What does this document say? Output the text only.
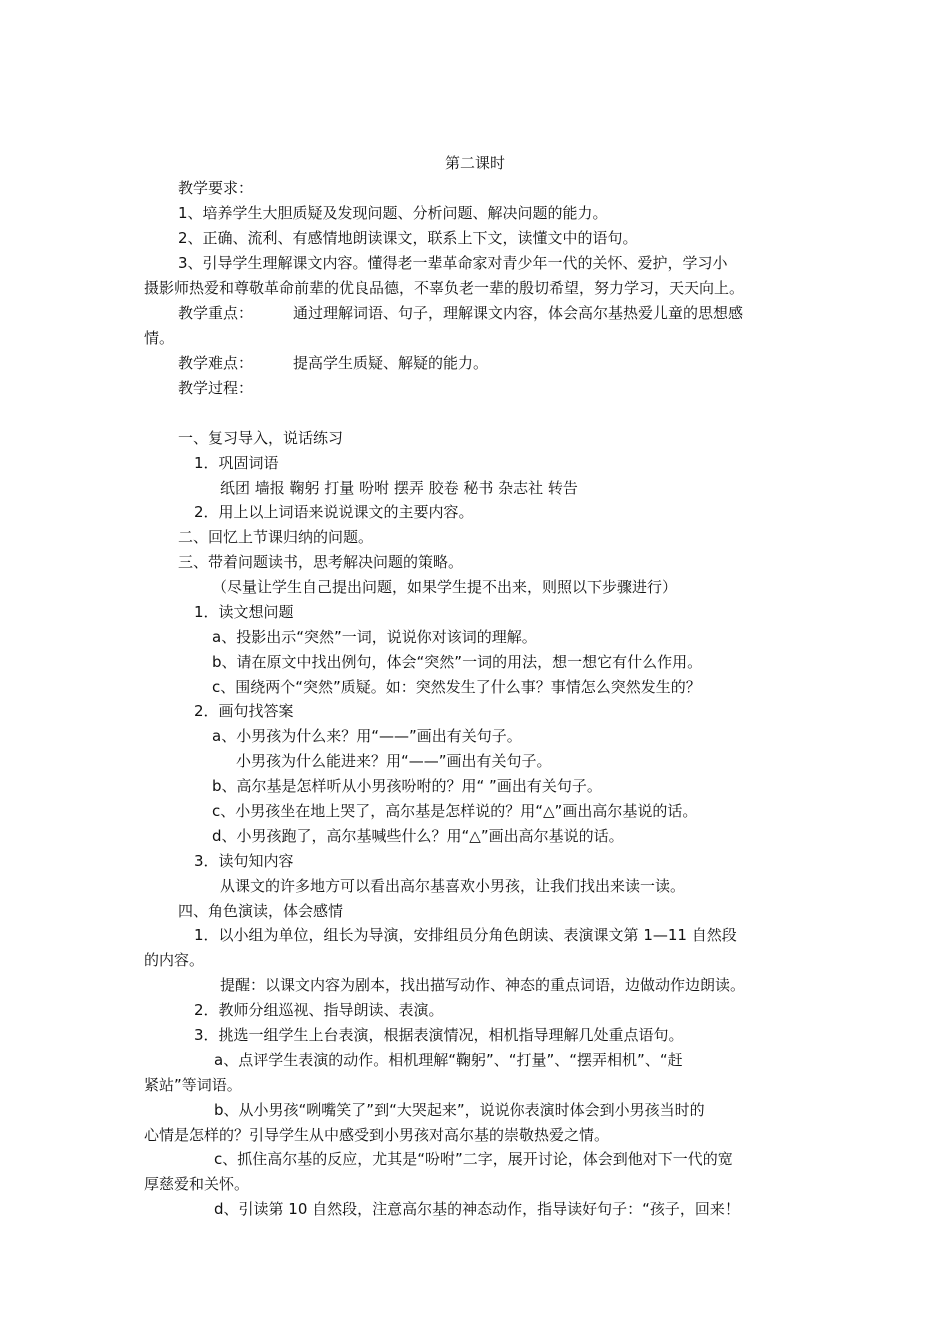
第二课时
教学要求：
1、培养学生大胆质疑及发现问题、分析问题、解决问题的能力。
2、正确、流利、有感情地朗读课文，联系上下文，读懂文中的语句。
3、引导学生理解课文内容。懂得老一辈革命家对青少年一代的关怀、爱护，学习小
摄影师热爱和尊敬革命前辈的优良品德，不辜负老一辈的殷切希望，努力学习，天天向上。
教学重点：	通过理解词语、句子，理解课文内容，体会高尔基热爱儿童的思想感
情。
教学难点：	提高学生质疑、解疑的能力。
教学过程：
一、复习导入，说话练习
1．巩固词语
纸团 墙报 鞠躬 打量 吩咐 摆弄 胶卷 秘书 杂志社 转告
2．用上以上词语来说说课文的主要内容。
二、回忆上节课归纳的问题。
三、带着问题读书，思考解决问题的策略。
（尽量让学生自己提出问题，如果学生提不出来，则照以下步骤进行）
1．读文想问题
a、投影出示“突然”一词，说说你对该词的理解。
b、请在原文中找出例句，体会“突然”一词的用法，想一想它有什么作用。
c、围绕两个“突然”质疑。如：突然发生了什么事？事情怎么突然发生的？
2．画句找答案
a、小男孩为什么来？用“——”画出有关句子。
小男孩为什么能进来？用“——”画出有关句子。
b、高尔基是怎样听从小男孩吩咐的？用“ ”画出有关句子。
c、小男孩坐在地上哭了，高尔基是怎样说的？用“△”画出高尔基说的话。
d、小男孩跑了，高尔基喊些什么？用“△”画出高尔基说的话。
3．读句知内容
从课文的许多地方可以看出高尔基喜欢小男孩，让我们找出来读一读。
四、角色演读，体会感情
1．以小组为单位，组长为导演，安排组员分角色朗读、表演课文第 1—11 自然段
的内容。
提醒：以课文内容为剧本，找出描写动作、神态的重点词语，边做动作边朗读。
2．教师分组巡视、指导朗读、表演。
3．挑选一组学生上台表演，根据表演情况，相机指导理解几处重点语句。
a、点评学生表演的动作。相机理解“鞠躬”、“打量”、“摆弄相机”、“赶
紧站”等词语。
b、从小男孩“咧嘴笑了”到“大哭起来”，说说你表演时体会到小男孩当时的
心情是怎样的？引导学生从中感受到小男孩对高尔基的崇敬热爱之情。
c、抓住高尔基的反应，尤其是“吩咐”二字，展开讨论，体会到他对下一代的宽
厚慈爱和关怀。
d、引读第 10 自然段，注意高尔基的神态动作，指导读好句子：“孩子，回来！
